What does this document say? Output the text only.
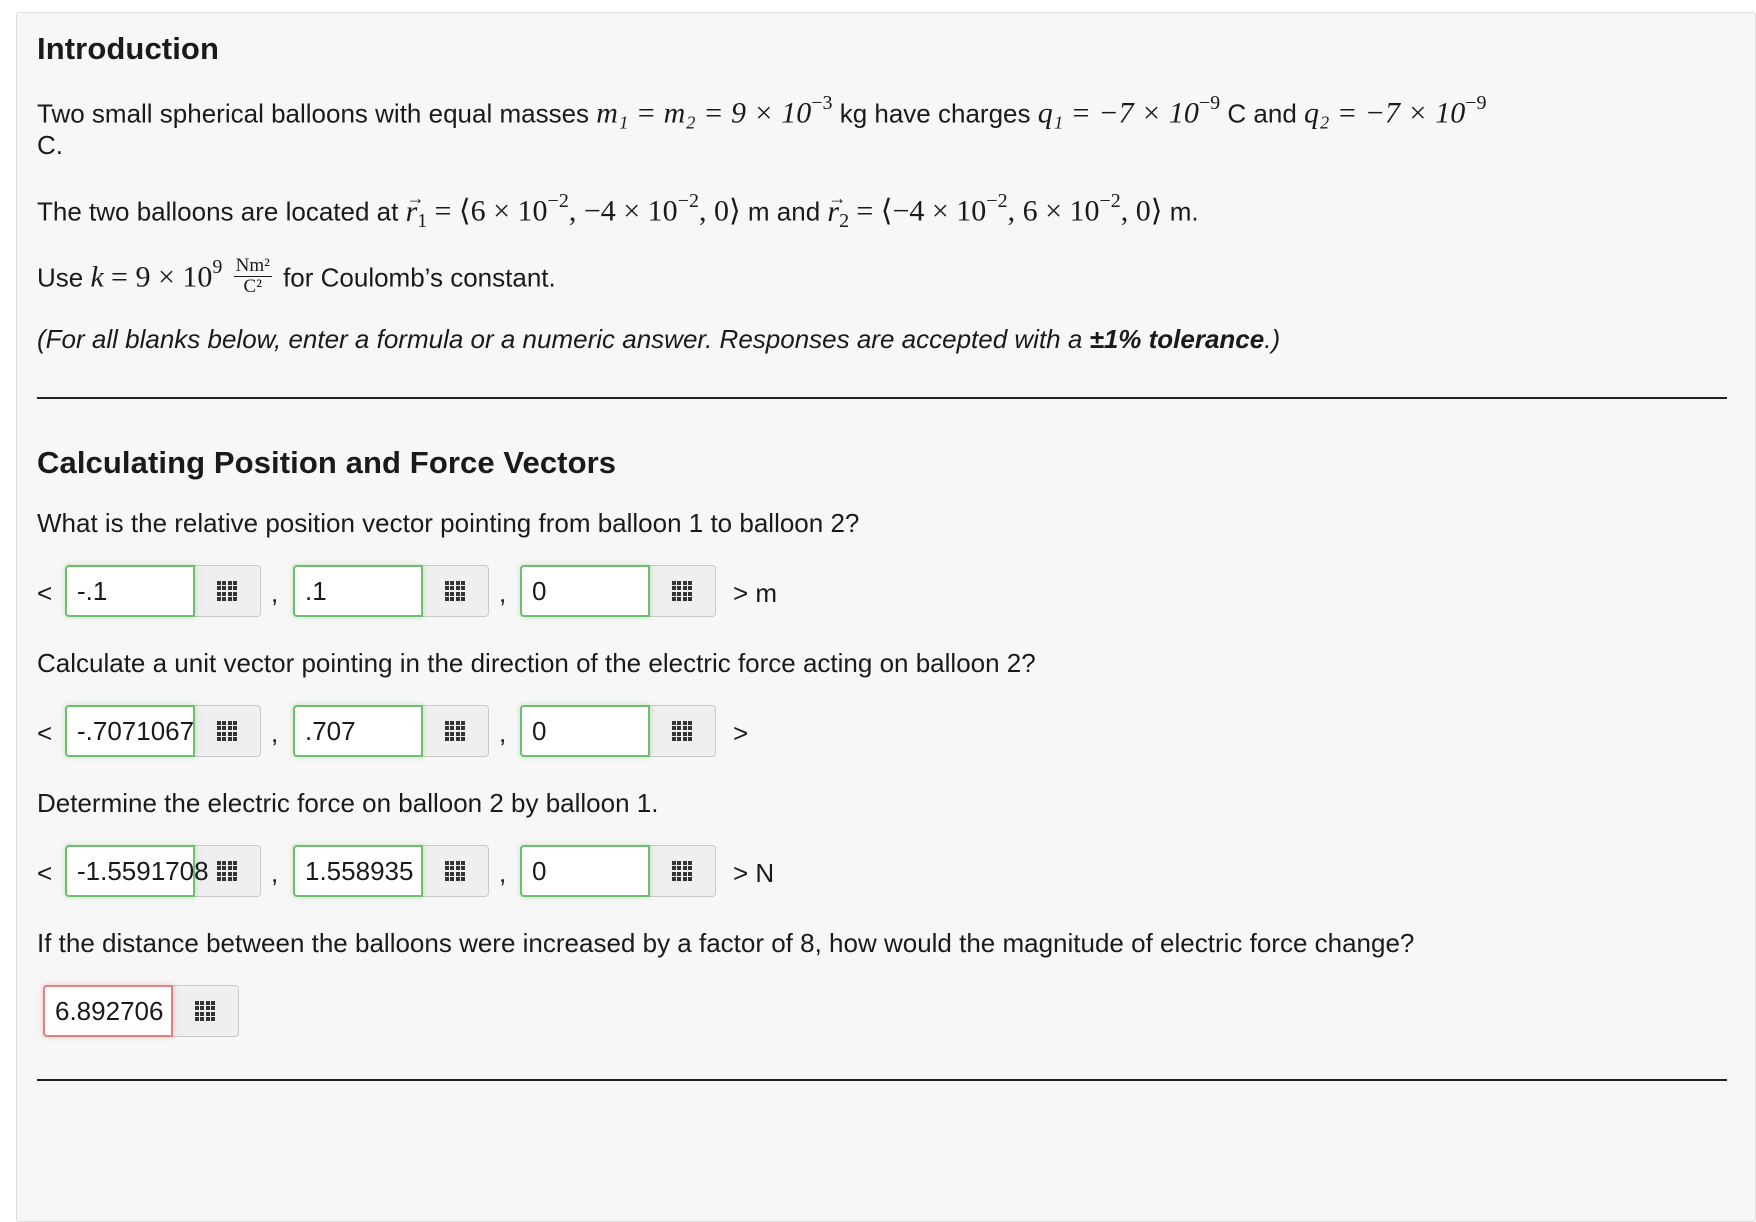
Introduction
Two small spherical balloons with equal masses $m_1 = m_2 = 9 \times 10^{-3}$ kg have charges $q_1 = -7 \times 10^{-9}$ C and $q_2 = -7 \times 10^{-9}$
C.
The two balloons are located at → $r_1$ = ⟨6 × $10^{-2}$, $-4 \times 10^{-2}$, 0⟩ m and → $r_2$ = ⟨−4 × $10^{-2}$, $6 \times 10^{-2}$, 0⟩ m.
Use $k = 9 \times 10^9 \frac{\text{Nm²}}{\text{C²}}$ for Coulomb’s constant.
(For all blanks below, enter a formula or a numeric answer. Responses are accepted with a ±1% tolerance.)
Calculating Position and Force Vectors
What is the relative position vector pointing from balloon 1 to balloon 2?
< -.1	,	.1	, 0	> m
Calculate a unit vector pointing in the direction of the electric force acting on balloon 2?
< -.7071067	,	.707	, 0	>
Determine the electric force on balloon 2 by balloon 1.
< -1.5591708 ,	1.558935	, 0	> N
If the distance between the balloons were increased by a factor of 8, how would the magnitude of electric force change?
6.892706
